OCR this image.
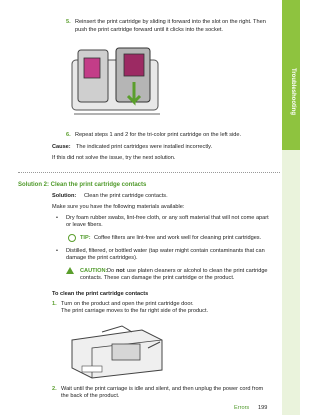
Troubleshooting
5. Reinsert the print cartridge by sliding it forward into the slot on the right. Then
push the print cartridge forward until it clicks into the socket.
6. Repeat steps 1 and 2 for the tri-color print cartridge on the left side.
Cause: The indicated print cartridges were installed incorrectly.
If this did not solve the issue, try the next solution.
Solution 2: Clean the print cartridge contacts
Solution: Clean the print cartridge contacts.
Make sure you have the following materials available:
• Dry foam rubber swabs, lint-free cloth, or any soft material that will not come apart
or leave fibers.
TIP: Coffee filters are lint-free and work well for cleaning print cartridges.
• Distilled, filtered, or bottled water (tap water might contain contaminants that can
damage the print cartridges).
CAUTION: Do not use platen cleaners or alcohol to clean the print cartridge
contacts. These can damage the print cartridge or the product.
To clean the print cartridge contacts
1. Turn on the product and open the print cartridge door.
The print carriage moves to the far right side of the product.
2. Wait until the print carriage is idle and silent, and then unplug the power cord from
the back of the product.
Errors 199
